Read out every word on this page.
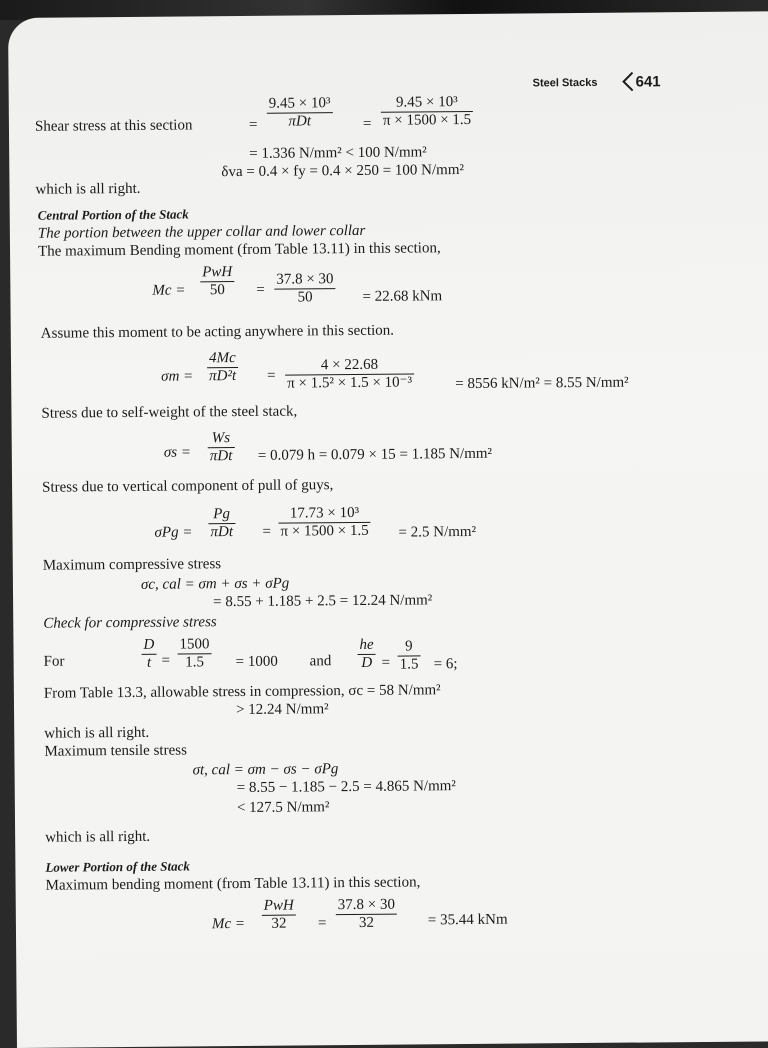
Steel Stacks	641
Shear stress at this section	=
9.45 × 10³
πDt	= $\frac{\text{9.45 × 10³}}{\pi \times 1500 \times 1.5}$
= 1.336 N/mm² < 100 N/mm²
δva = 0.4 × fy = 0.4 × 250 = 100 N/mm²
which is all right.
Central Portion of the Stack
The portion between the upper collar and lower collar
The maximum Bending moment (from Table 13.11) in this section,
Mc =
PwH
50	= $\frac{37.8 \times 30}{50} = 22.68$ kNm
Assume this moment to be acting anywhere in this section.
$\sigma m = \frac{4Mc}{\text{πD²t}} = \frac{4 \times 22.68}{\text{π × 1.5² × 1.5 × 10⁻³}}$	= 8556 kN/m² = 8.55 N/mm²
Stress due to self-weight of the steel stack,
σs =
Ws
πDt = 0.079 h = 0.079 × 15 = 1.185 N/mm²
Stress due to vertical component of pull of guys,
σPg =
Pg
$\pi Dt = \frac{\text{17.73 × 10³}}{\pi \times 1500 \times 1.5} = 2.5$ N/mm²
Maximum compressive stress
σc, cal = σm + σs + σPg
= 8.55 + 1.185 + 2.5 = 12.24 N/mm²
Check for compressive stress
For	$\frac{D}{t} = \frac{1500}{1.5} = 1000$ and $\frac{he}{D} = \frac{9}{1.5} = 6$;
From Table 13.3, allowable stress in compression, σc = 58 N/mm²
> 12.24 N/mm²
which is all right.
Maximum tensile stress
σt, cal = σm − σs − σPg
= 8.55 − 1.185 − 2.5 = 4.865 N/mm²
< 127.5 N/mm²
which is all right.
Lower Portion of the Stack
Maximum bending moment (from Table 13.11) in this section,
Mc =
PwH
32	= $\frac{37.8 \times 30}{32} = 35.44$ kNm
